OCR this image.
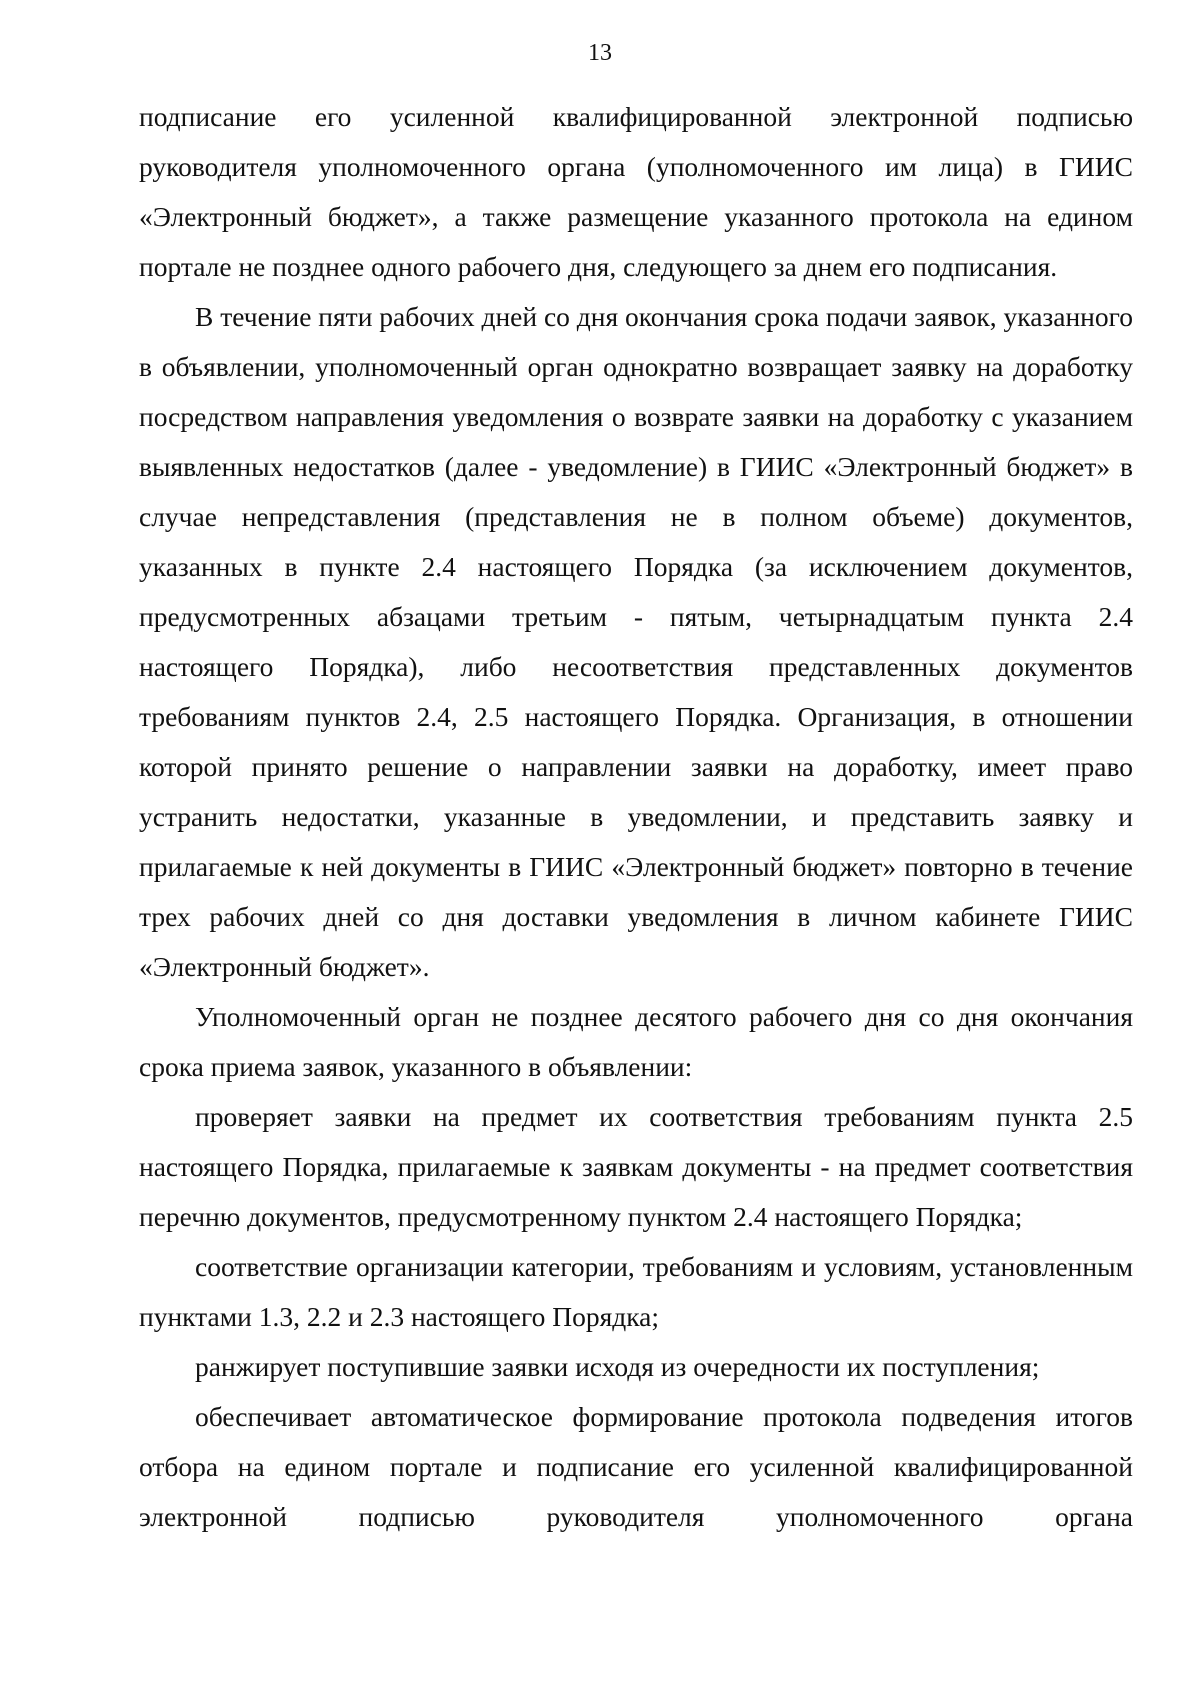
13

подписание его усиленной квалифицированной электронной подписью руководителя уполномоченного органа (уполномоченного им лица) в ГИИС «Электронный бюджет», а также размещение указанного протокола на едином портале не позднее одного рабочего дня, следующего за днем его подписания.

В течение пяти рабочих дней со дня окончания срока подачи заявок, указанного в объявлении, уполномоченный орган однократно возвращает заявку на доработку посредством направления уведомления о возврате заявки на доработку с указанием выявленных недостатков (далее - уведомление) в ГИИС «Электронный бюджет» в случае непредставления (представления не в полном объеме) документов, указанных в пункте 2.4 настоящего Порядка (за исключением документов, предусмотренных абзацами третьим - пятым, четырнадцатым пункта 2.4 настоящего Порядка), либо несоответствия представленных документов требованиям пунктов 2.4, 2.5 настоящего Порядка. Организация, в отношении которой принято решение о направлении заявки на доработку, имеет право устранить недостатки, указанные в уведомлении, и представить заявку и прилагаемые к ней документы в ГИИС «Электронный бюджет» повторно в течение трех рабочих дней со дня доставки уведомления в личном кабинете ГИИС «Электронный бюджет».

Уполномоченный орган не позднее десятого рабочего дня со дня окончания срока приема заявок, указанного в объявлении:

проверяет заявки на предмет их соответствия требованиям пункта 2.5 настоящего Порядка, прилагаемые к заявкам документы - на предмет соответствия перечню документов, предусмотренному пунктом 2.4 настоящего Порядка;

соответствие организации категории, требованиям и условиям, установленным пунктами 1.3, 2.2 и 2.3 настоящего Порядка;

ранжирует поступившие заявки исходя из очередности их поступления;

обеспечивает автоматическое формирование протокола подведения итогов отбора на едином портале и подписание его усиленной квалифицированной электронной подписью руководителя уполномоченного органа
